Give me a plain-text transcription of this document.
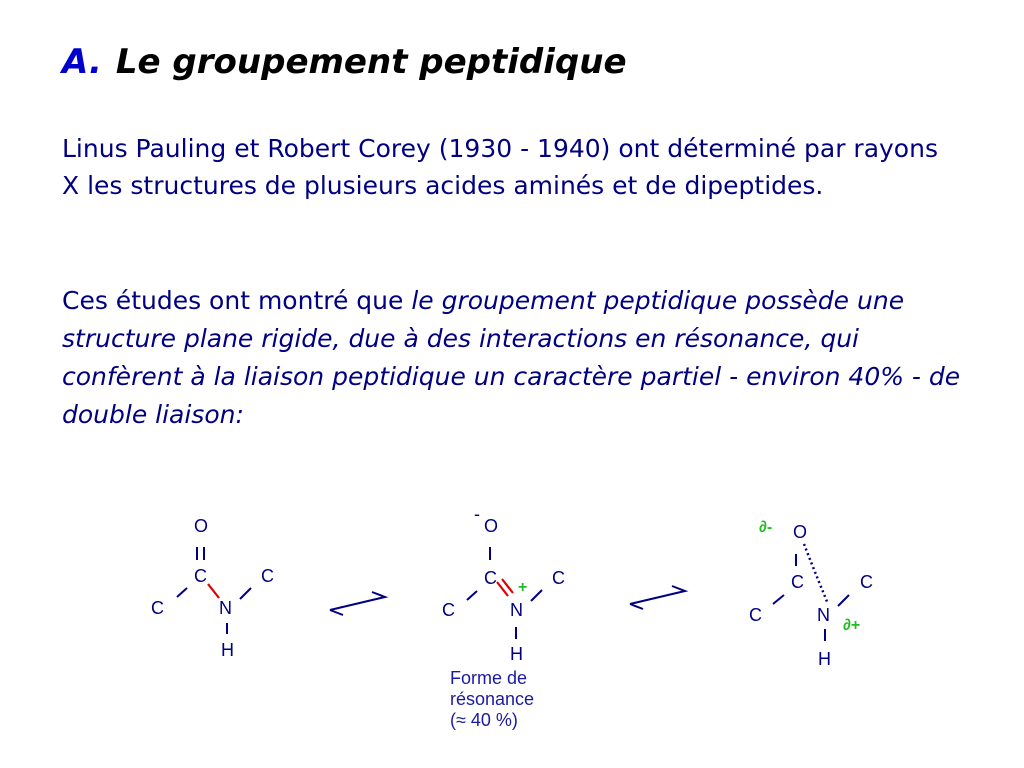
A. Le groupement peptidique
Linus Pauling et Robert Corey (1930 - 1940) ont déterminé par rayons X les structures de plusieurs acides aminés et de dipeptides.
Ces études ont montré que le groupement peptidique possède une structure plane rigide, due à des interactions en résonance, qui confèrent à la liaison peptidique un caractère partiel - environ 40% - de double liaison:
O
C	C
C	N
H
-
O
C	C
+
C	N
H
∂- O
C	C
C	N
∂+
H
Forme de
résonance
(≈ 40 %)
